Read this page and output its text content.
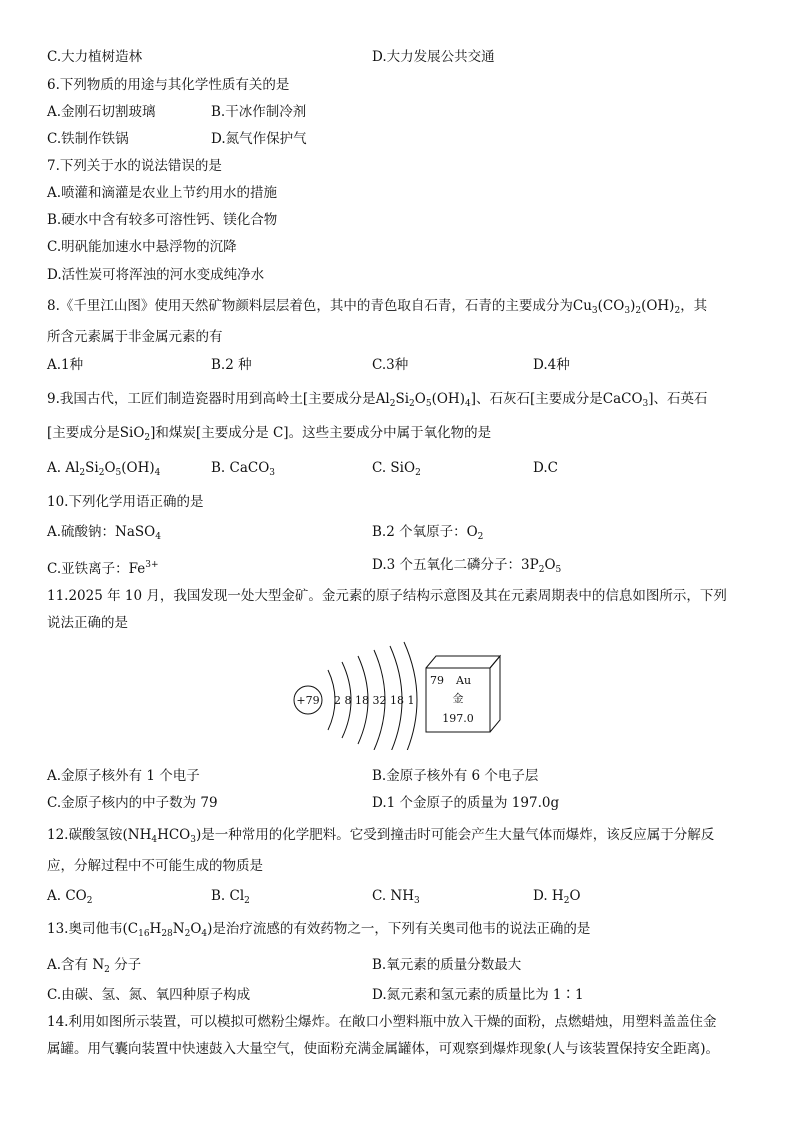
C.大力植树造林	D.大力发展公共交通
6.下列物质的用途与其化学性质有关的是
A.金刚石切割玻璃	B.干冰作制冷剂
C.铁制作铁锅	D.氮气作保护气
7.下列关于水的说法错误的是
A.喷灌和滴灌是农业上节约用水的措施
B.硬水中含有较多可溶性钙、镁化合物
C.明矾能加速水中悬浮物的沉降
D.活性炭可将浑浊的河水变成纯净水
8.《千里江山图》使用天然矿物颜料层层着色，其中的青色取自石青，石青的主要成分为$Cu_3(CO_3)_2(OH)_2$，其
所含元素属于非金属元素的有
A.1种	B.2 种	C.3种	D.4种
9.我国古代，工匠们制造瓷器时用到高岭土[主要成分是$Al_2Si_2O_5(OH)_4$]、石灰石[主要成分是CaCO$_3$]、石英石
[主要成分是SiO$_2$]和煤炭[主要成分是 C]。这些主要成分中属于氧化物的是
A. $Al_2Si_2O_5(OH)_4$	B. CaCO$_3$	C. SiO$_2$	D.C
10.下列化学用语正确的是
A.硫酸钠：NaSO$_4$	B.2 个氧原子：$O_2$
C.亚铁离子：$Fe^{3+}$	D.3 个五氧化二磷分子：$3P_2O_5$
11.2025 年 10 月，我国发现一处大型金矿。金元素的原子结构示意图及其在元素周期表中的信息如图所示，下列
说法正确的是
+79 2 8 18 32 18 1
79 Au
金
197.0
A.金原子核外有 1 个电子	B.金原子核外有 6 个电子层
C.金原子核内的中子数为 79	D.1 个金原子的质量为 197.0g
12.碳酸氢铵$(NH_4HCO_3)$是一种常用的化学肥料。它受到撞击时可能会产生大量气体而爆炸，该反应属于分解反
应，分解过程中不可能生成的物质是
A. $CO_2$	B. $Cl_2$	C. $NH_3$	D. $H_2O$
13.奥司他韦$(C_{16}H_{28}N_2O_4)$是治疗流感的有效药物之一，下列有关奥司他韦的说法正确的是
A.含有 $N_2$ 分子	B.氧元素的质量分数最大
C.由碳、氢、氮、氧四种原子构成	D.氮元素和氢元素的质量比为 1∶1
14.利用如图所示装置，可以模拟可燃粉尘爆炸。在敞口小塑料瓶中放入干燥的面粉，点燃蜡烛，用塑料盖盖住金
属罐。用气囊向装置中快速鼓入大量空气，使面粉充满金属罐体，可观察到爆炸现象(人与该装置保持安全距离)。
